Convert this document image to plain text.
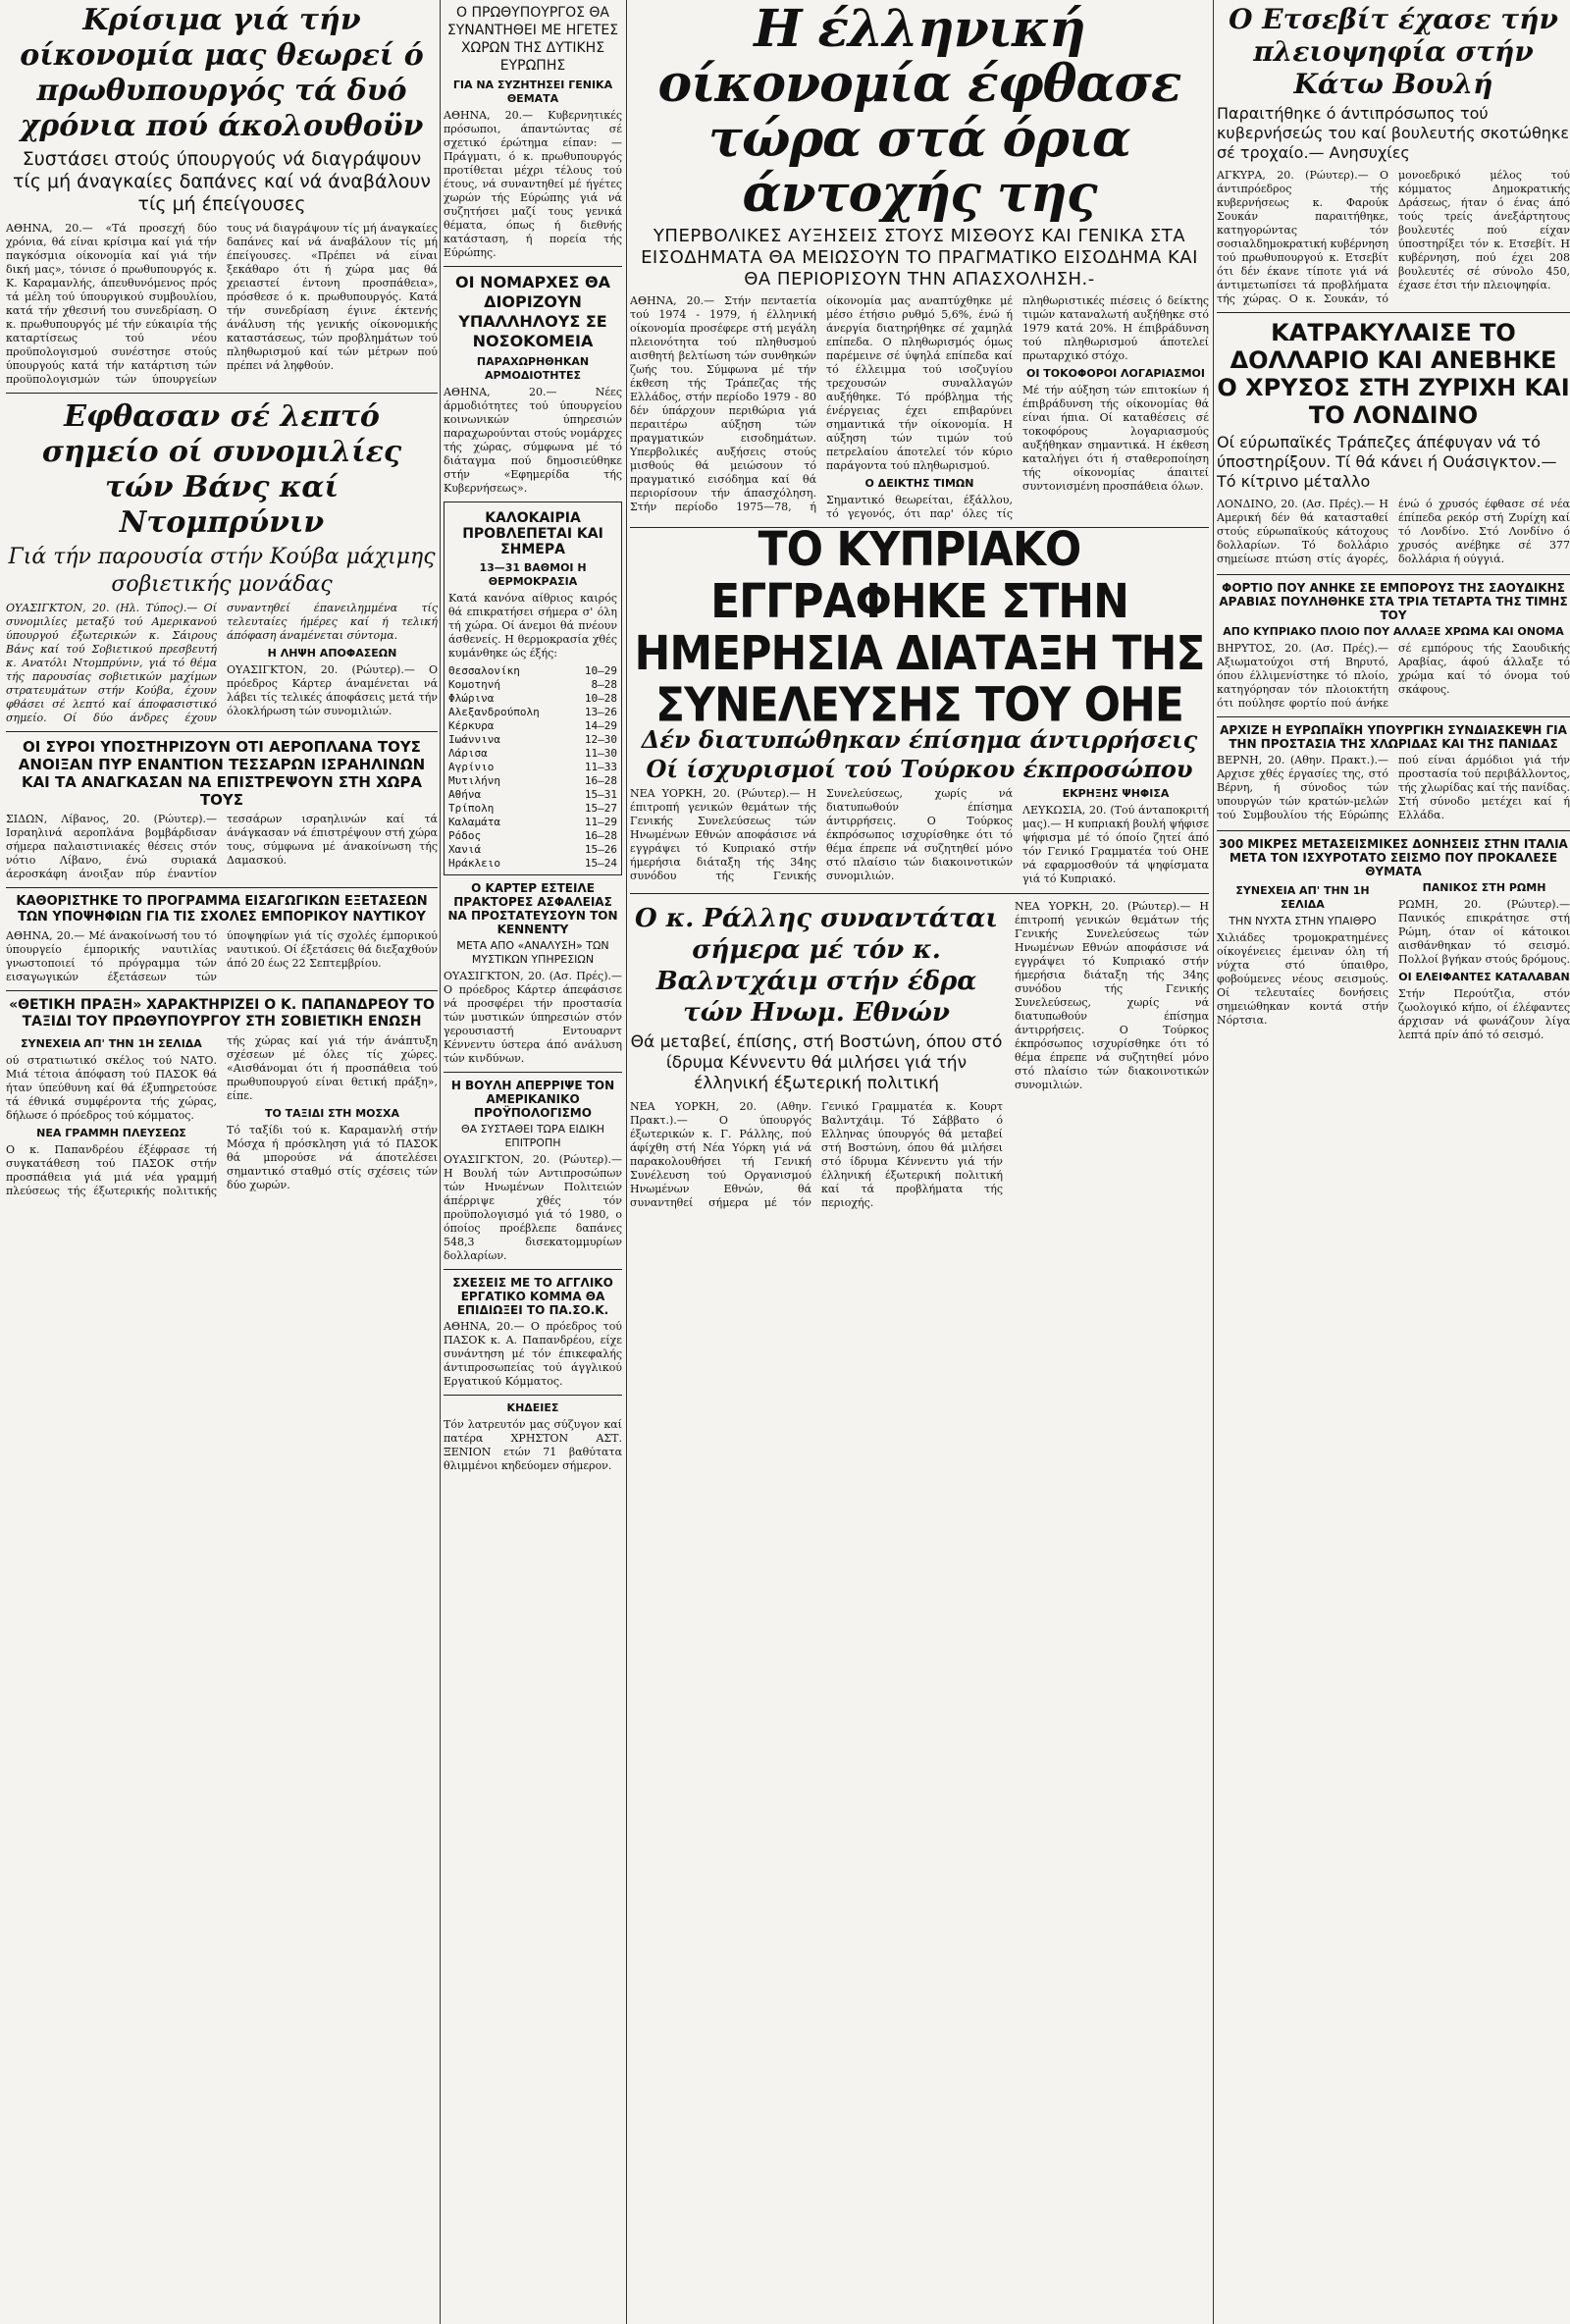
Κρίσιμα γιά τήν οίκονομία μας θεωρεί ό πρωθυπουργός τά δυό χρόνια πού άκολουθοϋν
Συστάσει στούς ύπουργούς νά διαγράψουν τίς μή άναγκαίες δαπάνες καί νά άναβάλουν τίς μή έπείγουσες

ΑΘΗΝΑ, 20.— «Τά προσεχή δύο χρόνια, θά είναι κρίσιμα καί γιά τήν παγκόσμια οίκονομία καί γιά τήν δική μας», τόνισε ό πρωθυπουργός κ. Κ. Καραμανλής, άπευθυνόμενος πρός τά μέλη τού ύπουργικού συμβουλίου, κατά τήν χθεσινή του συνεδρίαση. Ο κ. πρωθυπουργός μέ τήν εύκαιρία τής καταρτίσεως τού νέου προϋπολογισμού συνέστησε στούς ύπουργούς κατά τήν κατάρτιση τών προϋπολογισμών τών ύπουργείων τους νά διαγράψουν τίς μή άναγκαίες δαπάνες καί νά άναβάλουν τίς μή έπείγουσες. «Πρέπει νά είναι ξεκάθαρο ότι ή χώρα μας θά χρειαστεί έντονη προσπάθεια», πρόσθεσε ό κ. πρωθυπουργός. Κατά τήν συνεδρίαση έγινε έκτενής άνάλυση τής γενικής οίκονομικής καταστάσεως, τών προβλημάτων τού πληθωρισμού καί τών μέτρων πού πρέπει νά ληφθούν.

Εφθασαν σέ λεπτό σημείο οί συνομιλίες τών Βάνς καί Ντομπρύνιν
Γιά τήν παρουσία στήν Κούβα μάχιμης σοβιετικής μονάδας

ΟΥΑΣΙΓΚΤΟΝ, 20. (Ηλ. Τύπος).— Οί συνομιλίες μεταξύ τού Αμερικανού ύπουργού έξωτερικών κ. Σάιρους Βάνς καί τού Σοβιετικού πρεσβευτή κ. Ανατόλι Ντομπρύνιν, γιά τό θέμα τής παρουσίας σοβιετικών μαχίμων στρατευμάτων στήν Κούβα, έχουν φθάσει σέ λεπτό καί άποφασιστικό σημείο. Οί δύο άνδρες έχουν συναντηθεί έπανειλημμένα τίς τελευταίες ήμέρες καί ή τελική άπόφαση άναμένεται σύντομα.

Η ΛΗΨΗ ΑΠΟΦΑΣΕΩΝ

ΟΥΑΣΙΓΚΤΟΝ, 20. (Ρώυτερ).— Ο πρόεδρος Κάρτερ άναμένεται νά λάβει τίς τελικές άποφάσεις μετά τήν όλοκλήρωση τών συνομιλιών.

ΟΙ ΣΥΡΟΙ ΥΠΟΣΤΗΡΙΖΟΥΝ ΟΤΙ ΑΕΡΟΠΛΑΝΑ ΤΟΥΣ ΑΝΟΙΞΑΝ ΠΥΡ ΕΝΑΝΤΙΟΝ ΤΕΣΣΑΡΩΝ ΙΣΡΑΗΛΙΝΩΝ ΚΑΙ ΤΑ ΑΝΑΓΚΑΣΑΝ ΝΑ ΕΠΙΣΤΡΕΨΟΥΝ ΣΤΗ ΧΩΡΑ ΤΟΥΣ

ΣΙΔΩΝ, Λίβανος, 20. (Ρώυτερ).— Ισραηλινά αεροπλάνα βομβάρδισαν σήμερα παλαιστινιακές θέσεις στόν νότιο Λίβανο, ένώ συριακά άεροσκάφη άνοιξαν πύρ έναντίον τεσσάρων ισραηλινών καί τά άνάγκασαν νά έπιστρέψουν στή χώρα τους, σύμφωνα μέ άνακοίνωση τής Δαμασκού.

ΚΑΘΟΡΙΣΤΗΚΕ ΤΟ ΠΡΟΓΡΑΜΜΑ ΕΙΣΑΓΩΓΙΚΩΝ ΕΞΕΤΑΣΕΩΝ ΤΩΝ ΥΠΟΨΗΦΙΩΝ ΓΙΑ ΤΙΣ ΣΧΟΛΕΣ ΕΜΠΟΡΙΚΟΥ ΝΑΥΤΙΚΟΥ

ΑΘΗΝΑ, 20.— Μέ άνακοίνωσή του τό ύπουργείο έμπορικής ναυτιλίας γνωστοποιεί τό πρόγραμμα τών εισαγωγικών έξετάσεων τών ύποψηφίων γιά τίς σχολές έμπορικού ναυτικού. Οί έξετάσεις θά διεξαχθούν άπό 20 έως 22 Σεπτεμβρίου.

«ΘΕΤΙΚΗ ΠΡΑΞΗ» ΧΑΡΑΚΤΗΡΙΖΕΙ Ο Κ. ΠΑΠΑΝΔΡΕΟΥ ΤΟ ΤΑΞΙΔΙ ΤΟΥ ΠΡΩΘΥΠΟΥΡΓΟΥ ΣΤΗ ΣΟΒΙΕΤΙΚΗ ΕΝΩΣΗ
ΣΥΝΕΧΕΙΑ ΑΠ' ΤΗΝ 1Η ΣΕΛΙΔΑ

ού στρατιωτικό σκέλος τού ΝΑΤΟ. Μιά τέτοια άπόφαση τού ΠΑΣΟΚ θά ήταν ύπεύθυνη καί θά έξυπηρετούσε τά έθνικά συμφέροντα τής χώρας, δήλωσε ό πρόεδρος τού κόμματος.

ΝΕΑ ΓΡΑΜΜΗ ΠΛΕΥΣΕΩΣ

Ο κ. Παπανδρέου έξέφρασε τή συγκατάθεση τού ΠΑΣΟΚ στήν προσπάθεια γιά μιά νέα γραμμή πλεύσεως τής έξωτερικής πολιτικής τής χώρας καί γιά τήν άνάπτυξη σχέσεων μέ όλες τίς χώρες. «Αισθάνομαι ότι ή προσπάθεια τού πρωθυπουργού είναι θετική πράξη», είπε.

ΤΟ ΤΑΞΙΔΙ ΣΤΗ ΜΟΣΧΑ

Τό ταξίδι τού κ. Καραμανλή στήν Μόσχα ή πρόσκληση γιά τό ΠΑΣΟΚ θά μπορούσε νά άποτελέσει σημαντικό σταθμό στίς σχέσεις τών δύο χωρών.

Ο ΠΡΩΘΥΠΟΥΡΓΟΣ ΘΑ ΣΥΝΑΝΤΗΘΕΙ ΜΕ ΗΓΕΤΕΣ ΧΩΡΩΝ ΤΗΣ ΔΥΤΙΚΗΣ ΕΥΡΩΠΗΣ
ΓΙΑ ΝΑ ΣΥΖΗΤΗΣΕΙ ΓΕΝΙΚΑ ΘΕΜΑΤΑ

ΑΘΗΝΑ, 20.— Κυβερνητικές πρόσωποι, άπαντώντας σέ σχετικό έρώτημα είπαν: —Πράγματι, ό κ. πρωθυπουργός προτίθεται μέχρι τέλους τού έτους, νά συναντηθεί μέ ήγέτες χωρών τής Εύρώπης γιά νά συζητήσει μαζί τους γενικά θέματα, όπως ή διεθνής κατάσταση, ή πορεία τής Εύρώπης.

ΟΙ ΝΟΜΑΡΧΕΣ ΘΑ ΔΙΟΡΙΖΟΥΝ ΥΠΑΛΛΗΛΟΥΣ ΣΕ ΝΟΣΟΚΟΜΕΙΑ
ΠΑΡΑΧΩΡΗΘΗΚΑΝ ΑΡΜΟΔΙΟΤΗΤΕΣ

ΑΘΗΝΑ, 20.— Νέες άρμοδιότητες τού ύπουργείου κοινωνικών ύπηρεσιών παραχωρούνται στούς νομάρχες τής χώρας, σύμφωνα μέ τό διάταγμα πού δημοσιεύθηκε στήν «Εφημερίδα τής Κυβερνήσεως».

ΚΑΛΟΚΑΙΡΙΑ ΠΡΟΒΛΕΠΕΤΑΙ ΚΑΙ ΣΗΜΕΡΑ
13—31 ΒΑΘΜΟΙ Η ΘΕΡΜΟΚΡΑΣΙΑ

Κατά κανόνα αίθριος καιρός θά επικρατήσει σήμερα σ' όλη τή χώρα. Οί άνεμοι θά πνέουν άσθενείς. Η θερμοκρασία χθές κυμάνθηκε ώς έξής:

Θεσσαλονίκη	10—29
Κομοτηνή	8—28
Φλώρινα	10—28
Αλεξανδρούπολη	13—26
Κέρκυρα	14—29
Ιωάννινα	12—30
Λάρισα	11—30
Αγρίνιο	11—33
Μυτιλήνη	16—28
Αθήνα	15—31
Τρίπολη	15—27
Καλαμάτα	11—29
Ρόδος	16—28
Χανιά	15—26
Ηράκλειο	15—24
Ο ΚΑΡΤΕΡ ΕΣΤΕΙΛΕ ΠΡΑΚΤΟΡΕΣ ΑΣΦΑΛΕΙΑΣ ΝΑ ΠΡΟΣΤΑΤΕΥΣΟΥΝ ΤΟΝ ΚΕΝΝΕΝΤΥ
ΜΕΤΑ ΑΠΟ «ΑΝΑΛΥΣΗ» ΤΩΝ ΜΥΣΤΙΚΩΝ ΥΠΗΡΕΣΙΩΝ

ΟΥΑΣΙΓΚΤΟΝ, 20. (Ασ. Πρές).— Ο πρόεδρος Κάρτερ άπεφάσισε νά προσφέρει τήν προστασία τών μυστικών ύπηρεσιών στόν γερουσιαστή Εντουαρντ Κέννεντυ ύστερα άπό ανάλυση τών κινδύνων.

Η ΒΟΥΛΗ ΑΠΕΡΡΙΨΕ ΤΟΝ ΑΜΕΡΙΚΑΝΙΚΟ ΠΡΟΫΠΟΛΟΓΙΣΜΟ
ΘΑ ΣΥΣΤΑΘΕΙ ΤΩΡΑ ΕΙΔΙΚΗ ΕΠΙΤΡΟΠΗ

ΟΥΑΣΙΓΚΤΟΝ, 20. (Ρώυτερ).— Η Βουλή τών Αντιπροσώπων τών Ηνωμένων Πολιτειών άπέρριψε χθές τόν προϋπολογισμό γιά τό 1980, ο όποίος προέβλεπε δαπάνες 548,3 δισεκατομμυρίων δολλαρίων.

ΣΧΕΣΕΙΣ ΜΕ ΤΟ ΑΓΓΛΙΚΟ ΕΡΓΑΤΙΚΟ ΚΟΜΜΑ ΘΑ ΕΠΙΔΙΩΞΕΙ ΤΟ ΠΑ.ΣΟ.Κ.

ΑΘΗΝΑ, 20.— Ο πρόεδρος τού ΠΑΣΟΚ κ. Α. Παπανδρέου, είχε συνάντηση μέ τόν έπικεφαλής άντιπροσωπείας τού άγγλικού Εργατικού Κόμματος.

ΚΗΔΕΙΕΣ

Τόν λατρευτόν μας σύζυγον καί πατέρα ΧΡΗΣΤΟΝ ΑΣΤ. ΞΕΝΙΟΝ ετών 71 βαθύτατα θλιμμένοι κηδεύομεν σήμερον.

Η έλληνική οίκονομία έφθασε τώρα στά όρια άντοχής της
ΥΠΕΡΒΟΛΙΚΕΣ ΑΥΞΗΣΕΙΣ ΣΤΟΥΣ ΜΙΣΘΟΥΣ ΚΑΙ ΓΕΝΙΚΑ ΣΤΑ ΕΙΣΟΔΗΜΑΤΑ ΘΑ ΜΕΙΩΣΟΥΝ ΤΟ ΠΡΑΓΜΑΤΙΚΟ ΕΙΣΟΔΗΜΑ ΚΑΙ ΘΑ ΠΕΡΙΟΡΙΣΟΥΝ ΤΗΝ ΑΠΑΣΧΟΛΗΣΗ.-

ΑΘΗΝΑ, 20.— Στήν πενταετία τού 1974 - 1979, ή έλληνική οίκονομία προσέφερε στή μεγάλη πλειονότητα τού πληθυσμού αισθητή βελτίωση τών συνθηκών ζωής του. Σύμφωνα μέ τήν έκθεση τής Τράπεζας τής Ελλάδος, στήν περίοδο 1979 - 80 δέν ύπάρχουν περιθώρια γιά περαιτέρω αύξηση τών πραγματικών εισοδημάτων. Υπερβολικές αυξήσεις στούς μισθούς θά μειώσουν τό πραγματικό εισόδημα καί θά περιορίσουν τήν άπασχόληση. Στήν περίοδο 1975—78, ή οίκονομία μας αναπτύχθηκε μέ μέσο έτήσιο ρυθμό 5,6%, ένώ ή άνεργία διατηρήθηκε σέ χαμηλά επίπεδα. Ο πληθωρισμός όμως παρέμεινε σέ ύψηλά επίπεδα καί τό έλλειμμα τού ισοζυγίου τρεχουσών συναλλαγών αυξήθηκε. Τό πρόβλημα τής ένέργειας έχει επιβαρύνει σημαντικά τήν οίκονομία. Η αύξηση τών τιμών τού πετρελαίου άποτελεί τόν κύριο παράγοντα τού πληθωρισμού.

Ο ΔΕΙΚΤΗΣ ΤΙΜΩΝ

Σημαντικό θεωρείται, έξάλλου, τό γεγονός, ότι παρ' όλες τίς πληθωριστικές πιέσεις ό δείκτης τιμών καταναλωτή αυξήθηκε στό 1979 κατά 20%. Η έπιβράδυνση τού πληθωρισμού άποτελεί πρωταρχικό στόχο.

ΟΙ ΤΟΚΟΦΟΡΟΙ ΛΟΓΑΡΙΑΣΜΟΙ

Μέ τήν αύξηση τών επιτοκίων ή έπιβράδυνση τής οίκονομίας θά είναι ήπια. Οί καταθέσεις σέ τοκοφόρους λογαριασμούς αυξήθηκαν σημαντικά. Η έκθεση καταλήγει ότι ή σταθεροποίηση τής οίκονομίας άπαιτεί συντονισμένη προσπάθεια όλων.

ΤΟ ΚΥΠΡΙΑΚΟ ΕΓΓΡΑΦΗΚΕ ΣΤΗΝ ΗΜΕΡΗΣΙΑ ΔΙΑΤΑΞΗ ΤΗΣ ΣΥΝΕΛΕΥΣΗΣ ΤΟΥ ΟΗΕ
Δέν διατυπώθηκαν έπίσημα άντιρρήσεις Οί ίσχυρισμοί τού Τούρκου έκπροσώπου

ΝΕΑ ΥΟΡΚΗ, 20. (Ρώυτερ).— Η έπιτροπή γενικών θεμάτων τής Γενικής Συνελεύσεως τών Ηνωμένων Εθνών αποφάσισε νά εγγράψει τό Κυπριακό στήν ήμερήσια διάταξη τής 34ης συνόδου τής Γενικής Συνελεύσεως, χωρίς νά διατυπωθούν έπίσημα άντιρρήσεις. Ο Τούρκος έκπρόσωπος ισχυρίσθηκε ότι τό θέμα έπρεπε νά συζητηθεί μόνο στό πλαίσιο τών διακοινοτικών συνομιλιών.

ΕΚΡΗΞΗΣ ΨΗΦΙΣΑ

ΛΕΥΚΩΣΙΑ, 20. (Τού άνταποκριτή μας).— Η κυπριακή βουλή ψήφισε ψήφισμα μέ τό όποίο ζητεί άπό τόν Γενικό Γραμματέα τού ΟΗΕ νά εφαρμοσθούν τά ψηφίσματα γιά τό Κυπριακό.

Ο κ. Ράλλης συναντάται σήμερα μέ τόν κ. Βαλντχάιμ στήν έδρα τών Ηνωμ. Εθνών
Θά μεταβεί, έπίσης, στή Βοστώνη, όπου στό ίδρυμα Κέννεντυ θά μιλήσει γιά τήν έλληνική έξωτερική πολιτική

ΝΕΑ ΥΟΡΚΗ, 20. (Αθην. Πρακτ.).— Ο ύπουργός έξωτερικών κ. Γ. Ράλλης, πού άφίχθη στή Νέα Υόρκη γιά νά παρακολουθήσει τή Γενική Συνέλευση τού Οργανισμού Ηνωμένων Εθνών, θά συναντηθεί σήμερα μέ τόν Γενικό Γραμματέα κ. Κουρτ Βαλντχάιμ. Τό Σάββατο ό Ελληνας ύπουργός θά μεταβεί στή Βοστώνη, όπου θά μιλήσει στό ίδρυμα Κέννεντυ γιά τήν έλληνική έξωτερική πολιτική καί τά προβλήματα τής περιοχής.

ΝΕΑ ΥΟΡΚΗ, 20. (Ρώυτερ).— Η έπιτροπή γενικών θεμάτων τής Γενικής Συνελεύσεως τών Ηνωμένων Εθνών αποφάσισε νά εγγράψει τό Κυπριακό στήν ήμερήσια διάταξη τής 34ης συνόδου τής Γενικής Συνελεύσεως, χωρίς νά διατυπωθούν έπίσημα άντιρρήσεις. Ο Τούρκος έκπρόσωπος ισχυρίσθηκε ότι τό θέμα έπρεπε νά συζητηθεί μόνο στό πλαίσιο τών διακοινοτικών συνομιλιών.

Ο Ετσεβίτ έχασε τήν πλειοψηφία στήν Κάτω Βουλή
Παραιτήθηκε ό άντιπρόσωπος τού κυβερνήσεώς του καί βουλευτής σκοτώθηκε σέ τροχαίο.— Ανησυχίες

ΑΓΚΥΡΑ, 20. (Ρώυτερ).— Ο άντιπρόεδρος τής κυβερνήσεως κ. Φαρούκ Σουκάν παραιτήθηκε, κατηγορώντας τόν σοσιαλδημοκρατική κυβέρνηση τού πρωθυπουργού κ. Ετσεβίτ ότι δέν έκανε τίποτε γιά νά άντιμετωπίσει τά προβλήματα τής χώρας. Ο κ. Σουκάν, τό μονοεδρικό μέλος τού κόμματος Δημοκρατικής Δράσεως, ήταν ό ένας άπό τούς τρείς άνεξάρτητους βουλευτές πού είχαν ύποστηρίξει τόν κ. Ετσεβίτ. Η κυβέρνηση, πού έχει 208 βουλευτές σέ σύνολο 450, έχασε έτσι τήν πλειοψηφία.

ΚΑΤΡΑΚΥΛΑΙΣΕ ΤΟ ΔΟΛΛΑΡΙΟ ΚΑΙ ΑΝΕΒΗΚΕ Ο ΧΡΥΣΟΣ ΣΤΗ ΖΥΡΙΧΗ ΚΑΙ ΤΟ ΛΟΝΔΙΝΟ
Οί εύρωπαϊκές Τράπεζες άπέφυγαν νά τό ύποστηρίξουν. Τί θά κάνει ή Ουάσιγκτον.— Τό κίτρινο μέταλλο

ΛΟΝΔΙΝΟ, 20. (Ασ. Πρές).— Η Αμερική δέν θά κατασταθεί στούς εύρωπαϊκούς κάτοχους δολλαρίων. Τό δολλάριο σημείωσε πτώση στίς άγορές, ένώ ό χρυσός έφθασε σέ νέα έπίπεδα ρεκόρ στή Ζυρίχη καί τό Λονδίνο. Στό Λονδίνο ό χρυσός ανέβηκε σέ 377 δολλάρια ή ούγγιά.

ΦΟΡΤΙΟ ΠΟΥ ΑΝΗΚΕ ΣΕ ΕΜΠΟΡΟΥΣ ΤΗΣ ΣΑΟΥΔΙΚΗΣ ΑΡΑΒΙΑΣ ΠΟΥΛΗΘΗΚΕ ΣΤΑ ΤΡΙΑ ΤΕΤΑΡΤΑ ΤΗΣ ΤΙΜΗΣ ΤΟΥ
ΑΠΟ ΚΥΠΡΙΑΚΟ ΠΛΟΙΟ ΠΟΥ ΑΛΛΑΞΕ ΧΡΩΜΑ ΚΑΙ ΟΝΟΜΑ

ΒΗΡΥΤΟΣ, 20. (Ασ. Πρές).— Αξιωματούχοι στή Βηρυτό, όπου έλλιμενίστηκε τό πλοίο, κατηγόρησαν τόν πλοιοκτήτη ότι πούλησε φορτίο πού άνήκε σέ εμπόρους τής Σαουδικής Αραβίας, άφού άλλαξε τό χρώμα καί τό όνομα τού σκάφους.

ΑΡΧΙΖΕ Η ΕΥΡΩΠΑΪΚΗ ΥΠΟΥΡΓΙΚΗ ΣΥΝΔΙΑΣΚΕΨΗ ΓΙΑ ΤΗΝ ΠΡΟΣΤΑΣΙΑ ΤΗΣ ΧΛΩΡΙΔΑΣ ΚΑΙ ΤΗΣ ΠΑΝΙΔΑΣ

ΒΕΡΝΗ, 20. (Αθην. Πρακτ.).— Αρχισε χθές έργασίες της, στό Βέρνη, ή σύνοδος τών υπουργών τών κρατών-μελών τού Συμβουλίου τής Εύρώπης πού είναι άρμόδιοι γιά τήν προστασία τού περιβάλλοντος, τής χλωρίδας καί τής πανίδας. Στή σύνοδο μετέχει καί ή Ελλάδα.

300 ΜΙΚΡΕΣ ΜΕΤΑΣΕΙΣΜΙΚΕΣ ΔΟΝΗΣΕΙΣ ΣΤΗΝ ΙΤΑΛΙΑ ΜΕΤΑ ΤΟΝ ΙΣΧΥΡΟΤΑΤΟ ΣΕΙΣΜΟ ΠΟΥ ΠΡΟΚΑΛΕΣΕ ΘΥΜΑΤΑ
ΣΥΝΕΧΕΙΑ ΑΠ' ΤΗΝ 1Η ΣΕΛΙΔΑ
ΤΗΝ ΝΥΧΤΑ ΣΤΗΝ ΥΠΑΙΘΡΟ

Χιλιάδες τρομοκρατημένες οίκογένειες έμειναν όλη τή νύχτα στό ύπαιθρο, φοβούμενες νέους σεισμούς. Οί τελευταίες δονήσεις σημειώθηκαν κοντά στήν Νόρτσια.

ΠΑΝΙΚΟΣ ΣΤΗ ΡΩΜΗ

ΡΩΜΗ, 20. (Ρώυτερ).— Πανικός επικράτησε στή Ρώμη, όταν οί κάτοικοι αισθάνθηκαν τό σεισμό. Πολλοί βγήκαν στούς δρόμους.

ΟΙ ΕΛΕΙΦΑΝΤΕΣ ΚΑΤΑΛΑΒΑΝ

Στήν Περούτζια, στόν ζωολογικό κήπο, οί έλέφαντες άρχισαν νά φωνάζουν λίγα λεπτά πρίν άπό τό σεισμό.
